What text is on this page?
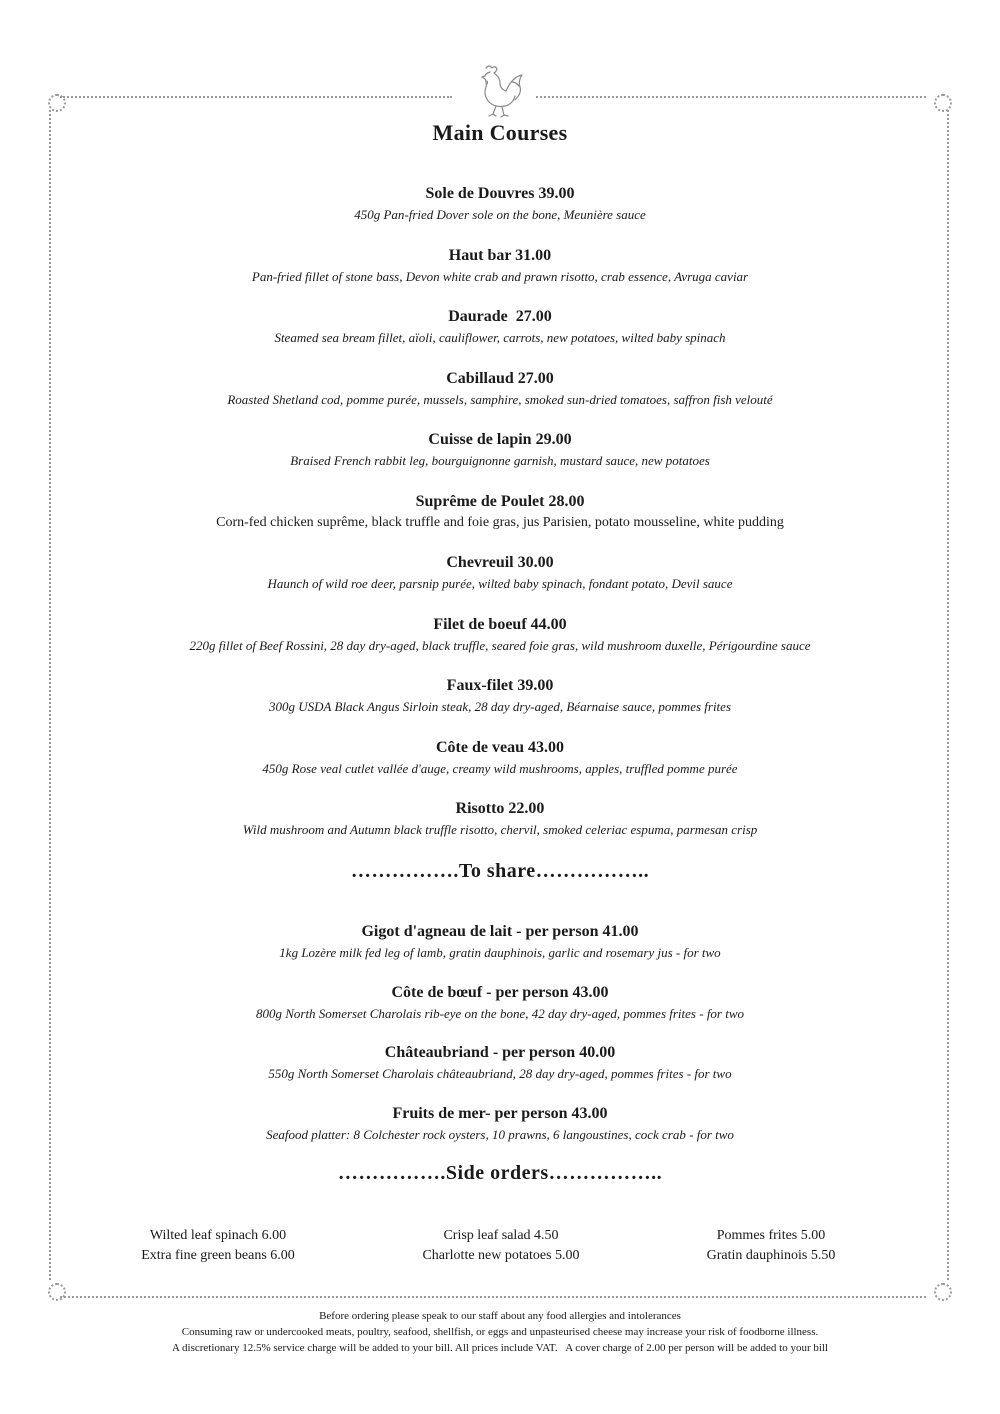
Main Courses
Sole de Douvres 39.00
450g Pan-fried Dover sole on the bone, Meunière sauce
Haut bar 31.00
Pan-fried fillet of stone bass, Devon white crab and prawn risotto, crab essence, Avruga caviar
Daurade  27.00
Steamed sea bream fillet, aïoli, cauliflower, carrots, new potatoes, wilted baby spinach
Cabillaud 27.00
Roasted Shetland cod, pomme purée, mussels, samphire, smoked sun-dried tomatoes, saffron fish velouté
Cuisse de lapin 29.00
Braised French rabbit leg, bourguignonne garnish, mustard sauce, new potatoes
Suprême de Poulet 28.00
Corn-fed chicken suprême, black truffle and foie gras, jus Parisien, potato mousseline, white pudding
Chevreuil 30.00
Haunch of wild roe deer, parsnip purée, wilted baby spinach, fondant potato, Devil sauce
Filet de boeuf 44.00
220g fillet of Beef Rossini, 28 day dry-aged, black truffle, seared foie gras, wild mushroom duxelle, Périgourdine sauce
Faux-filet 39.00
300g USDA Black Angus Sirloin steak, 28 day dry-aged, Béarnaise sauce, pommes frites
Côte de veau 43.00
450g Rose veal cutlet vallée d'auge, creamy wild mushrooms, apples, truffled pomme purée
Risotto 22.00
Wild mushroom and Autumn black truffle risotto, chervil, smoked celeriac espuma, parmesan crisp
…………….To share……………..
Gigot d'agneau de lait - per person 41.00
1kg Lozère milk fed leg of lamb, gratin dauphinois, garlic and rosemary jus - for two
Côte de bœuf - per person 43.00
800g North Somerset Charolais rib-eye on the bone, 42 day dry-aged, pommes frites - for two
Châteaubriand - per person 40.00
550g North Somerset Charolais châteaubriand, 28 day dry-aged, pommes frites - for two
Fruits de mer- per person 43.00
Seafood platter: 8 Colchester rock oysters, 10 prawns, 6 langoustines, cock crab - for two
…………….Side orders……………..
Wilted leaf spinach 6.00
Extra fine green beans 6.00
Crisp leaf salad 4.50
Charlotte new potatoes 5.00
Pommes frites 5.00
Gratin dauphinois 5.50
Before ordering please speak to our staff about any food allergies and intolerances
Consuming raw or undercooked meats, poultry, seafood, shellfish, or eggs and unpasteurised cheese may increase your risk of foodborne illness.
A discretionary 12.5% service charge will be added to your bill. All prices include VAT.   A cover charge of 2.00 per person will be added to your bill
